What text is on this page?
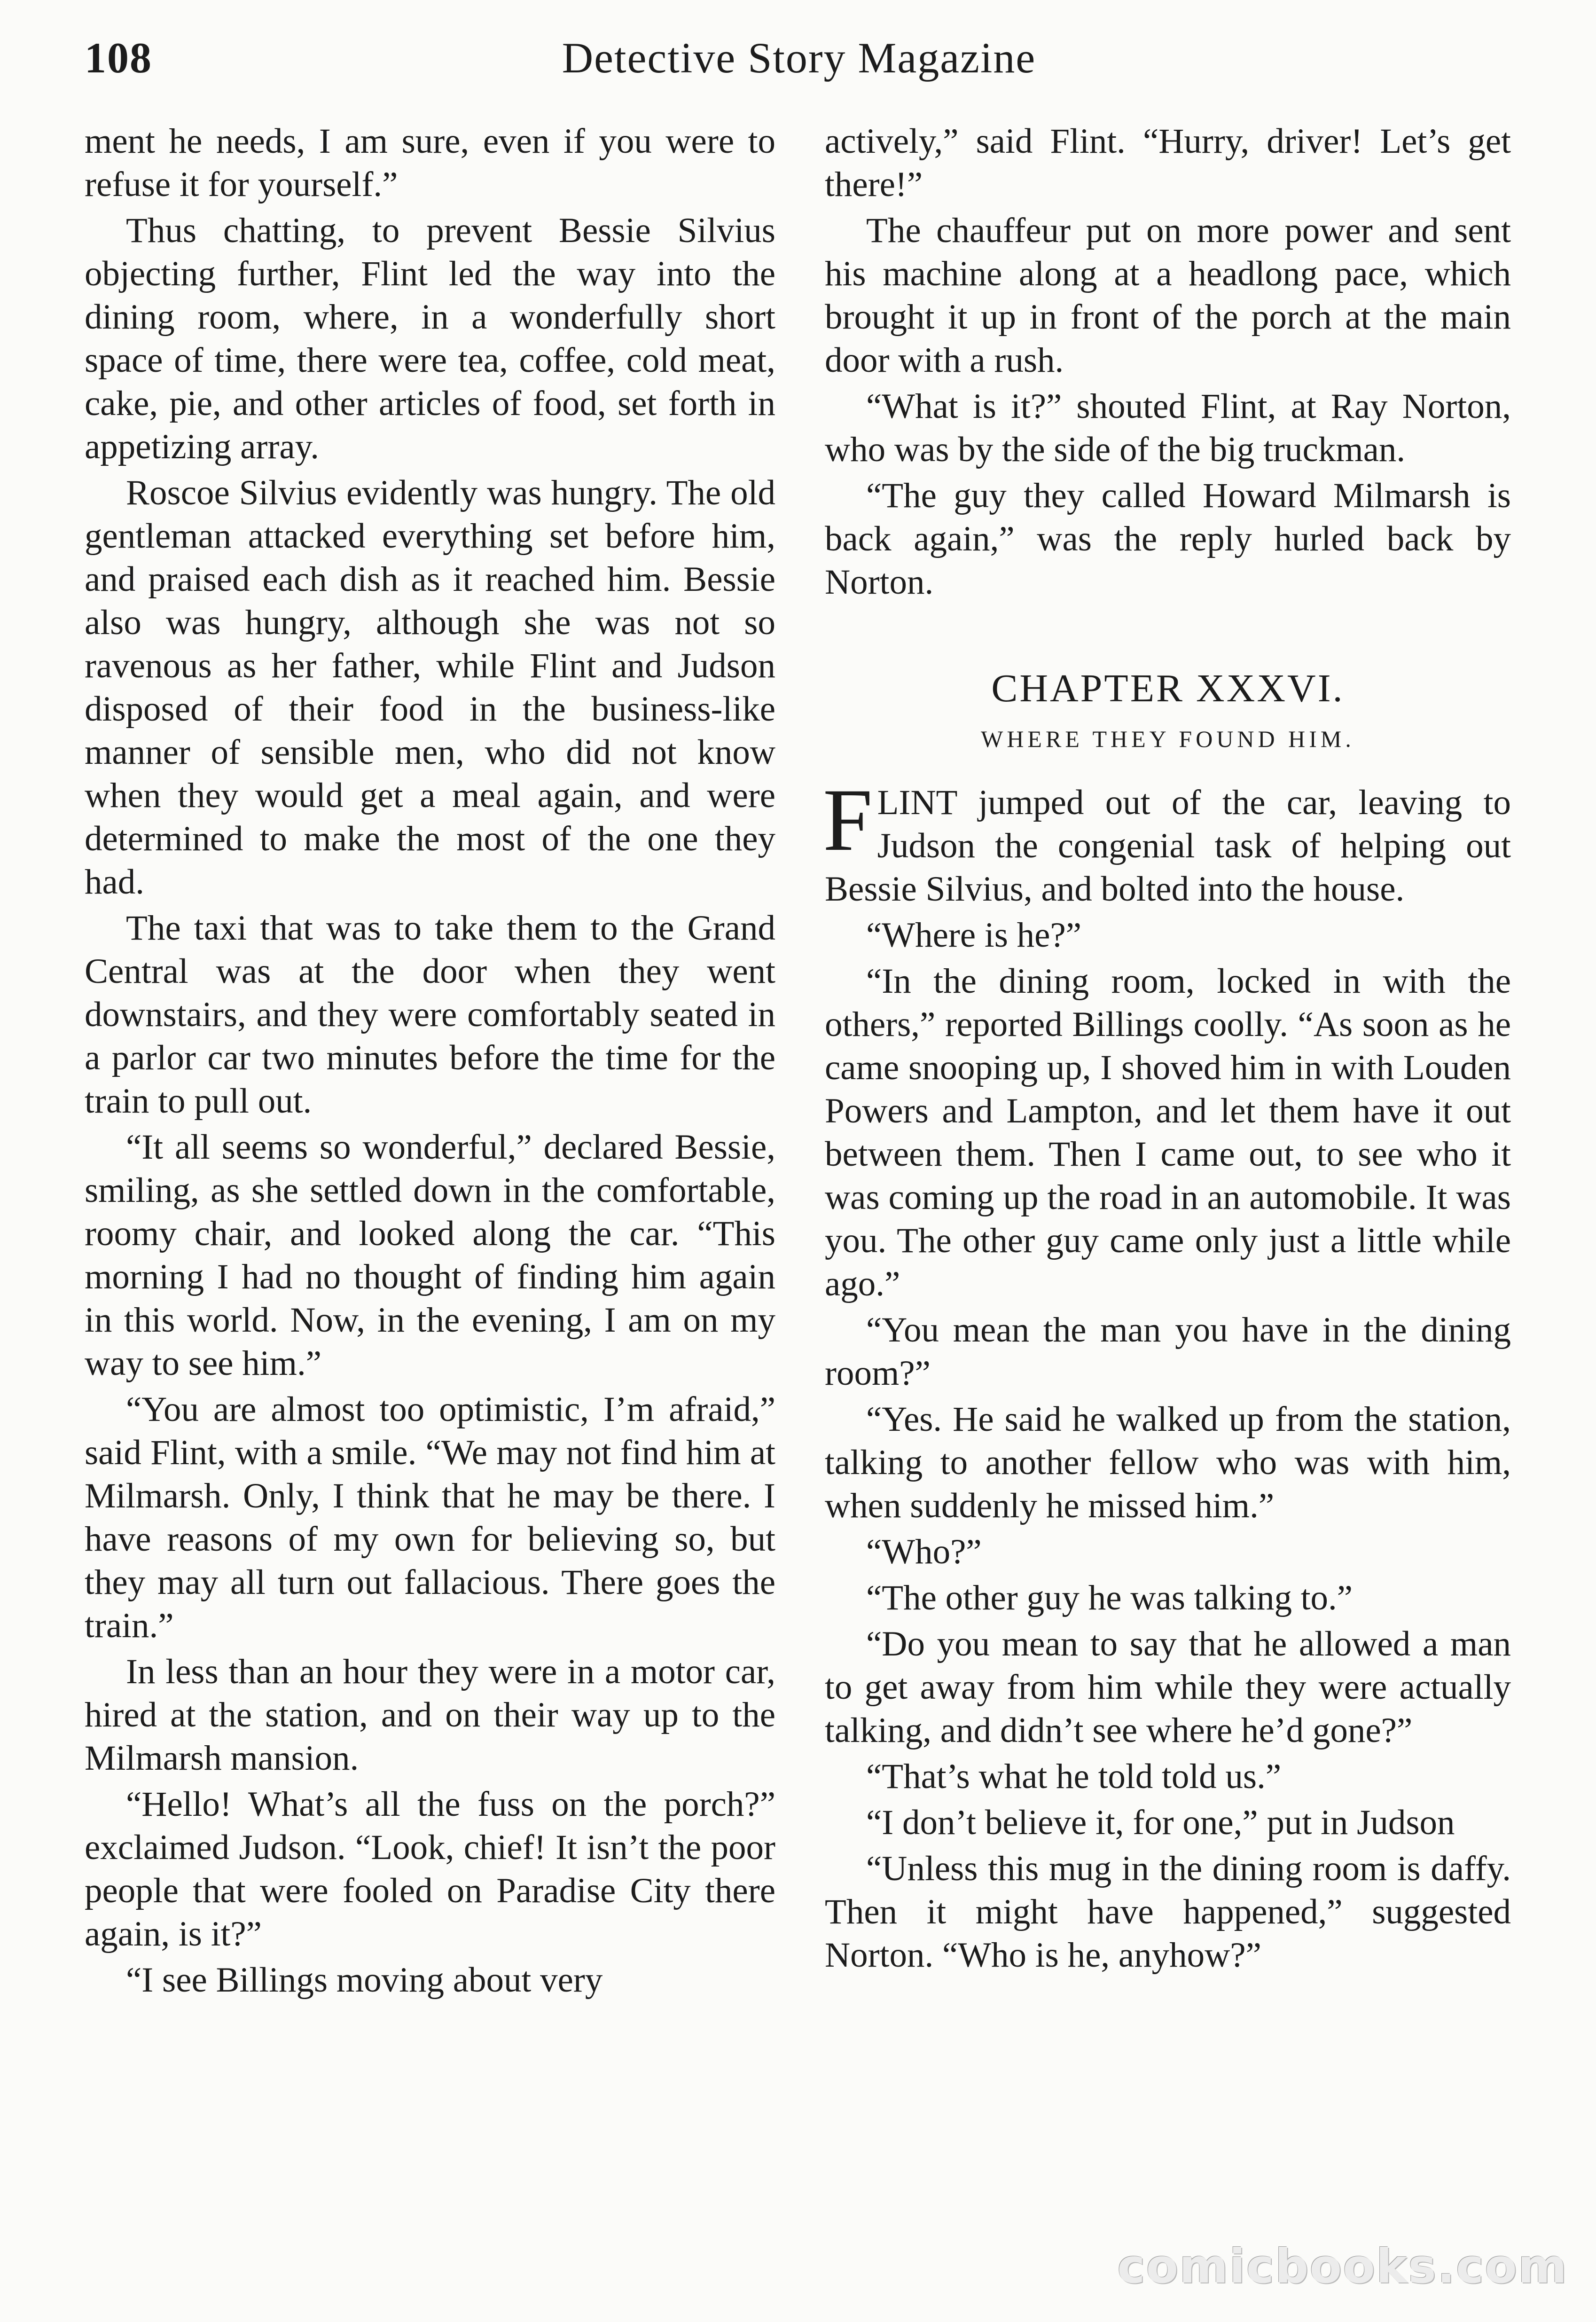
108	Detective Story Magazine

ment he needs, I am sure, even if you were to refuse it for yourself.”

Thus chatting, to prevent Bessie Silvius objecting further, Flint led the way into the dining room, where, in a wonderfully short space of time, there were tea, coffee, cold meat, cake, pie, and other articles of food, set forth in appetizing array.

Roscoe Silvius evidently was hungry. The old gentleman attacked everything set before him, and praised each dish as it reached him. Bessie also was hungry, although she was not so ravenous as her father, while Flint and Judson disposed of their food in the business-like manner of sensible men, who did not know when they would get a meal again, and were determined to make the most of the one they had.

The taxi that was to take them to the Grand Central was at the door when they went downstairs, and they were comfortably seated in a parlor car two minutes before the time for the train to pull out.

“It all seems so wonderful,” declared Bessie, smiling, as she settled down in the comfortable, roomy chair, and looked along the car. “This morning I had no thought of finding him again in this world. Now, in the evening, I am on my way to see him.”

“You are almost too optimistic, I’m afraid,” said Flint, with a smile. “We may not find him at Milmarsh. Only, I think that he may be there. I have reasons of my own for believing so, but they may all turn out fallacious. There goes the train.”

In less than an hour they were in a motor car, hired at the station, and on their way up to the Milmarsh mansion.

“Hello! What’s all the fuss on the porch?” exclaimed Judson. “Look, chief! It isn’t the poor people that were fooled on Paradise City there again, is it?”

“I see Billings moving about very

actively,” said Flint. “Hurry, driver! Let’s get there!”

The chauffeur put on more power and sent his machine along at a headlong pace, which brought it up in front of the porch at the main door with a rush.

“What is it?” shouted Flint, at Ray Norton, who was by the side of the big truckman.

“The guy they called Howard Milmarsh is back again,” was the reply hurled back by Norton.

CHAPTER XXXVI.
WHERE THEY FOUND HIM.

FLINT jumped out of the car, leaving to Judson the congenial task of helping out Bessie Silvius, and bolted into the house.

“Where is he?”

“In the dining room, locked in with the others,” reported Billings coolly. “As soon as he came snooping up, I shoved him in with Louden Powers and Lampton, and let them have it out between them. Then I came out, to see who it was coming up the road in an automobile. It was you. The other guy came only just a little while ago.”

“You mean the man you have in the dining room?”

“Yes. He said he walked up from the station, talking to another fellow who was with him, when suddenly he missed him.”

“Who?”

“The other guy he was talking to.”

“Do you mean to say that he allowed a man to get away from him while they were actually talking, and didn’t see where he’d gone?”

“That’s what he told told us.”

“I don’t believe it, for one,” put in Judson

“Unless this mug in the dining room is daffy. Then it might have happened,” suggested Norton. “Who is he, anyhow?”

comicbooks.com
